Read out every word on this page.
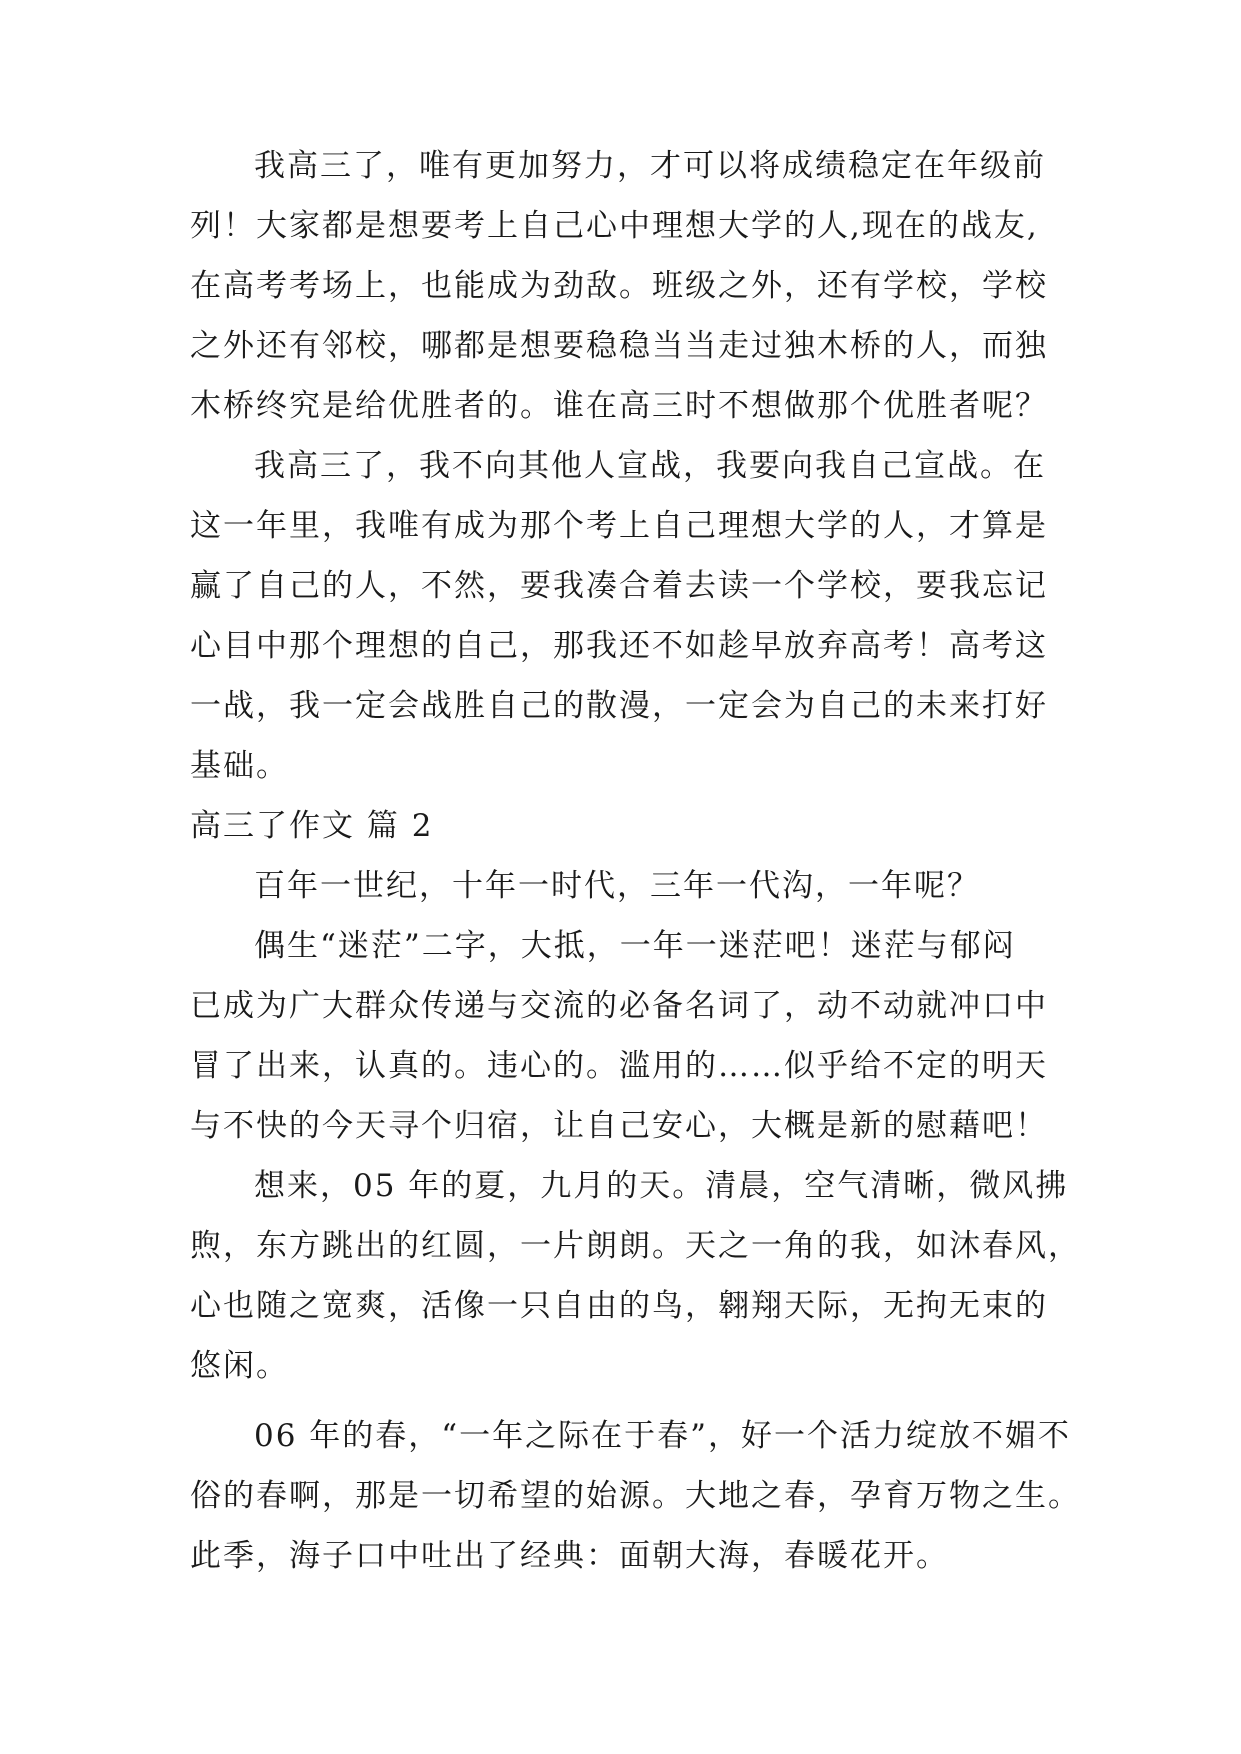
我高三了，唯有更加努力，才可以将成绩稳定在年级前
列！大家都是想要考上自己心中理想大学的人,现在的战友,
在高考考场上，也能成为劲敌。班级之外，还有学校，学校
之外还有邻校，哪都是想要稳稳当当走过独木桥的人，而独
木桥终究是给优胜者的。谁在高三时不想做那个优胜者呢？
我高三了，我不向其他人宣战，我要向我自己宣战。在
这一年里，我唯有成为那个考上自己理想大学的人，才算是
赢了自己的人，不然，要我凑合着去读一个学校，要我忘记
心目中那个理想的自己，那我还不如趁早放弃高考！高考这
一战，我一定会战胜自己的散漫，一定会为自己的未来打好
基础。
高三了作文 篇 2
百年一世纪，十年一时代，三年一代沟，一年呢？
偶生“迷茫”二字，大抵，一年一迷茫吧！迷茫与郁闷
已成为广大群众传递与交流的必备名词了，动不动就冲口中
冒了出来，认真的。违心的。滥用的……似乎给不定的明天
与不快的今天寻个归宿，让自己安心，大概是新的慰藉吧！
想来，05 年的夏，九月的天。清晨，空气清晰，微风拂
煦，东方跳出的红圆，一片朗朗。天之一角的我，如沐春风，
心也随之宽爽，活像一只自由的鸟，翱翔天际，无拘无束的
悠闲。
06 年的春，“一年之际在于春”，好一个活力绽放不媚不
俗的春啊，那是一切希望的始源。大地之春，孕育万物之生。
此季，海子口中吐出了经典：面朝大海，春暖花开。
